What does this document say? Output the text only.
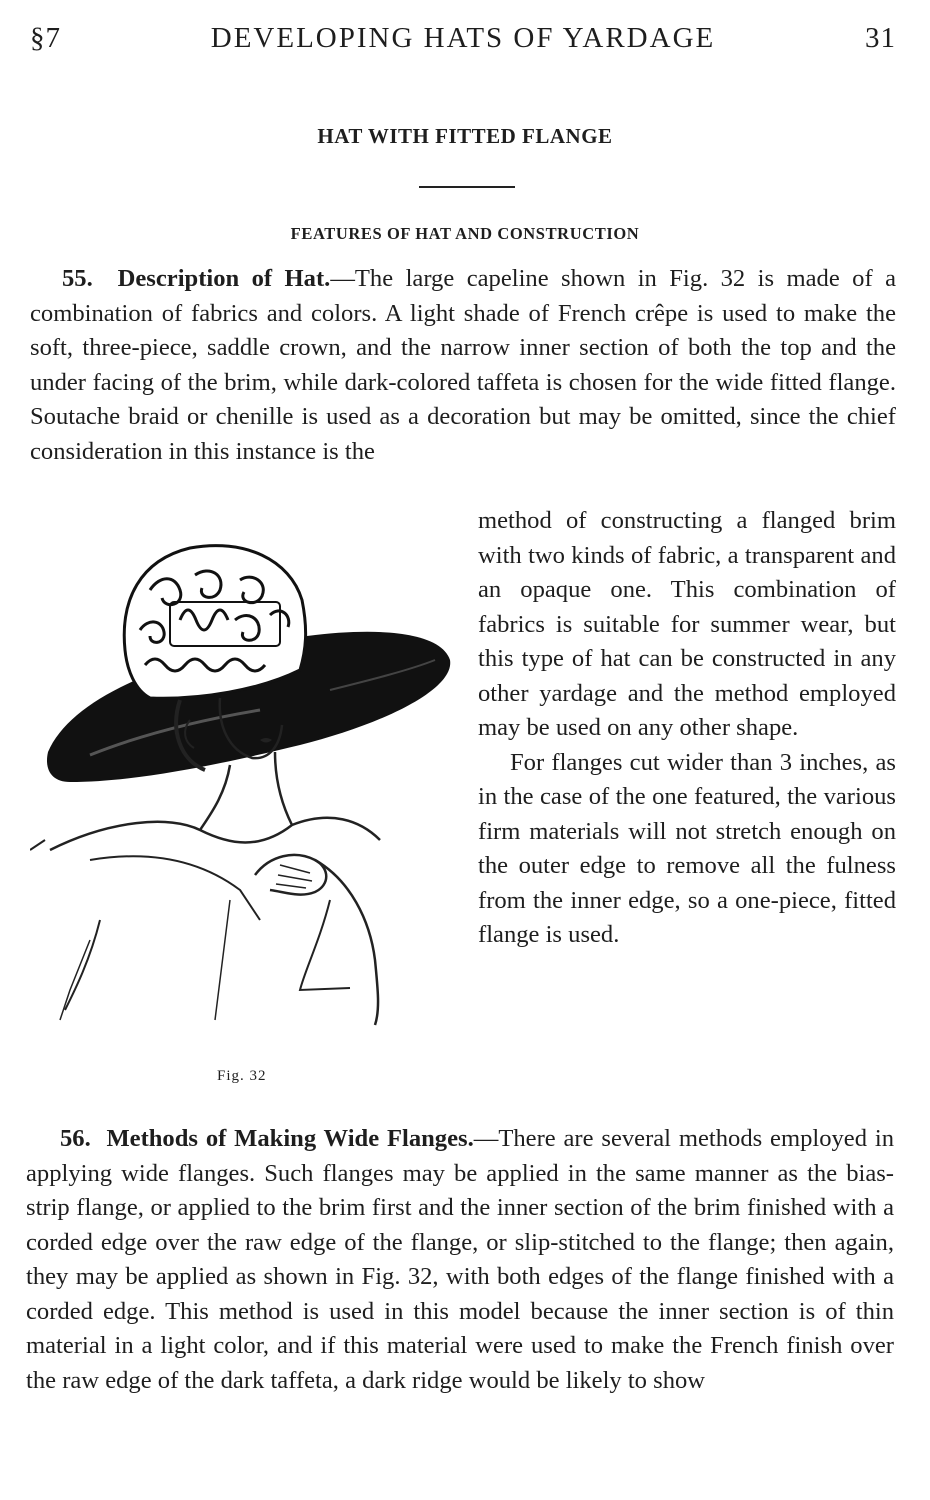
§7	DEVELOPING HATS OF YARDAGE	31
HAT WITH FITTED FLANGE
FEATURES OF HAT AND CONSTRUCTION
55. Description of Hat.—The large capeline shown in Fig. 32 is made of a combination of fabrics and colors. A light shade of French crêpe is used to make the soft, three-piece, saddle crown, and the narrow inner section of both the top and the under facing of the brim, while dark-colored taffeta is chosen for the wide fitted flange. Soutache braid or chenille is used as a decoration but may be omitted, since the chief consideration in this instance is the
method of constructing a flanged brim with two kinds of fabric, a transparent and an opaque one. This combination of fabrics is suitable for summer wear, but this type of hat can be constructed in any other yardage and the method employed may be used on any other shape.
For flanges cut wider than 3 inches, as in the case of the one featured, the various firm materials will not stretch enough on the outer edge to remove all the fulness from the inner edge, so a one-piece, fitted flange is used.
Fig. 32
56. Methods of Making Wide Flanges.—There are several methods employed in applying wide flanges. Such flanges may be applied in the same manner as the bias-strip flange, or applied to the brim first and the inner section of the brim finished with a corded edge over the raw edge of the flange, or slip-stitched to the flange; then again, they may be applied as shown in Fig. 32, with both edges of the flange finished with a corded edge. This method is used in this model because the inner section is of thin material in a light color, and if this material were used to make the French finish over the raw edge of the dark taffeta, a dark ridge would be likely to show
